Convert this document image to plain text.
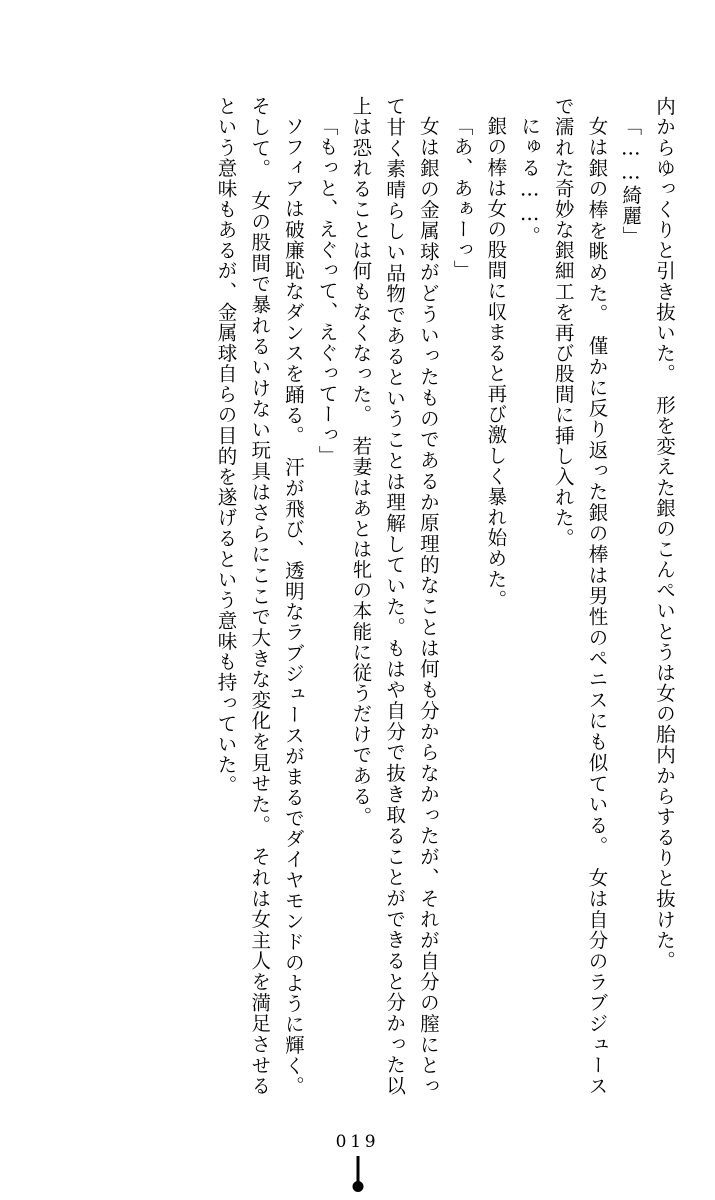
内からゆっくりと引き抜いた。　形を変えた銀のこんぺいとうは女の胎内からするりと抜けた。

「……綺麗」

女は銀の棒を眺めた。　僅かに反り返った銀の棒は男性のペニスにも似ている。　女は自分のラブジュースで濡れた奇妙な銀細工を再び股間に挿し入れた。

にゅる……。

銀の棒は女の股間に収まると再び激しく暴れ始めた。

「あ、あぁーっ」

女は銀の金属球がどういったものであるか原理的なことは何も分からなかったが、それが自分の膣にとって甘く素晴らしい品物であるということは理解していた。もはや自分で抜き取ることができると分かった以上は恐れることは何もなくなった。　若妻はあとは牝の本能に従うだけである。

「もっと、えぐって、えぐってーっ」

ソフィアは破廉恥なダンスを踊る。　汗が飛び、透明なラブジュースがまるでダイヤモンドのように輝く。そして。　女の股間で暴れるいけない玩具はさらにここで大きな変化を見せた。　それは女主人を満足させるという意味もあるが、金属球自らの目的を遂げるという意味も持っていた。

019
